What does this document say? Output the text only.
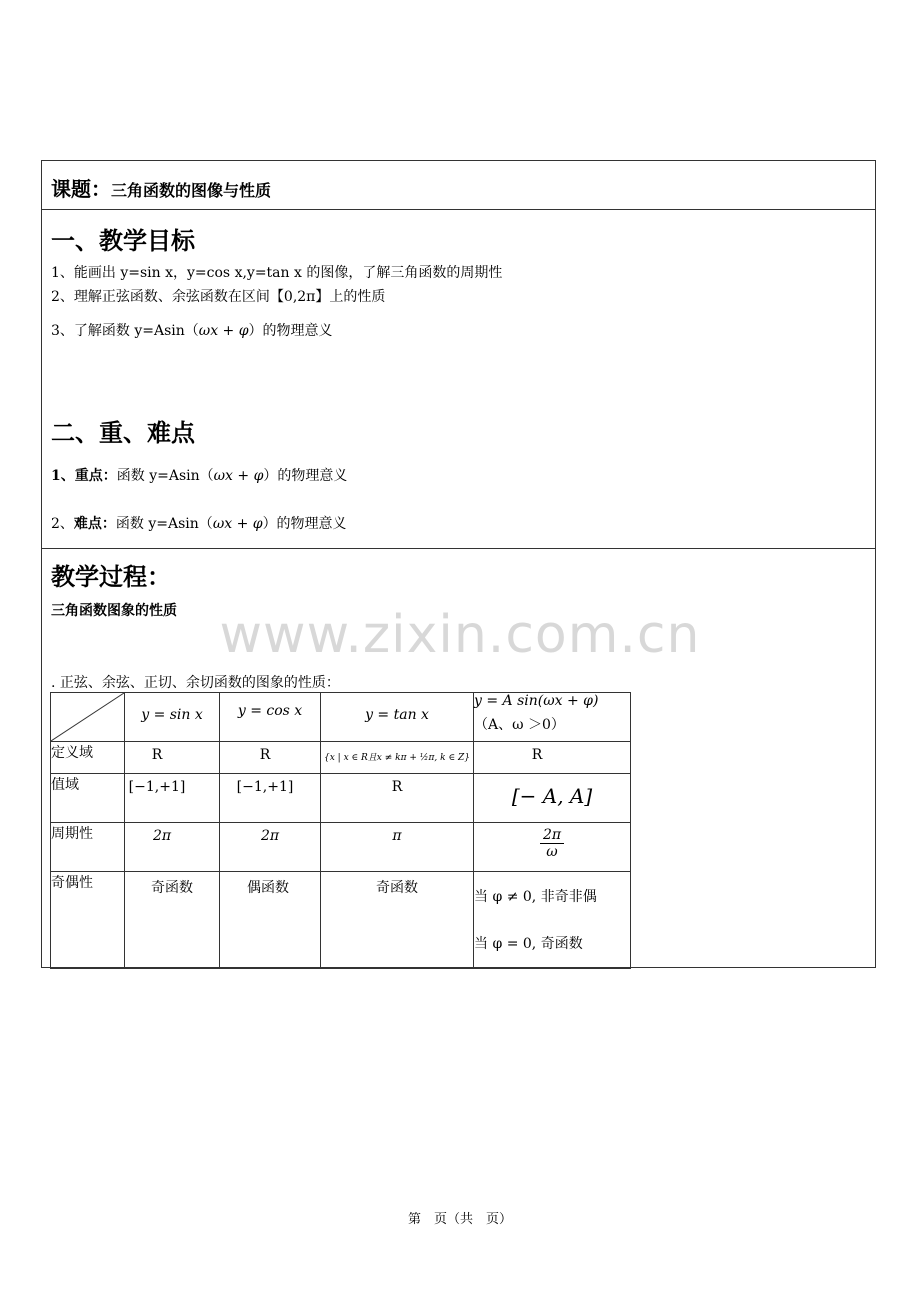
课题：三角函数的图像与性质
一、教学目标
1、能画出 y=sin x，y=cos x,y=tan x 的图像，了解三角函数的周期性
2、理解正弦函数、余弦函数在区间【0,2π】上的性质
3、了解函数 y=Asin（ωx + φ）的物理意义
二、重、难点
1、重点：函数 y=Asin（ωx + φ）的物理意义
2、难点：函数 y=Asin（ωx + φ）的物理意义
教学过程：
三角函数图象的性质
. 正弦、余弦、正切、余切函数的图象的性质：
	y = sin x	y = cos x	y = tan x	y = A sin(ωx + φ)
（A、ω ＞0）

定义域	R	R	{x | x ∈ R且x ≠ kπ + ½π, k ∈ Z}	R
值域	[−1,+1]	[−1,+1]	R	[− A, A]
周期性	2π	2π	π	$\frac{2\pi}{\omega}$

奇偶性	奇函数	偶函数	奇函数	当 φ ≠ 0, 非奇非偶
当 φ = 0, 奇函数
www.zixin.com.cn
第　页（共　页）
